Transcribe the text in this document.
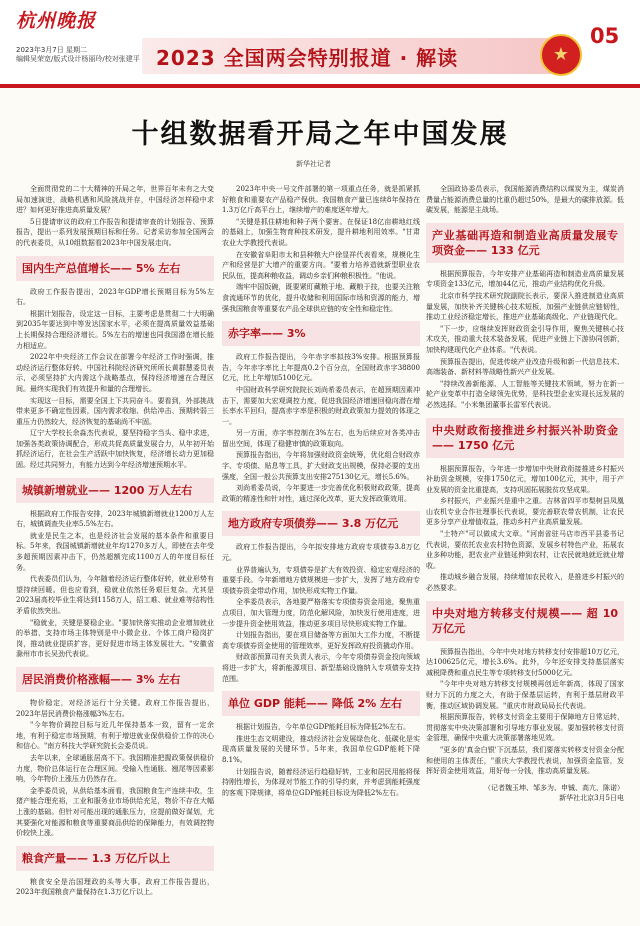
杭州晚报
2023年3月7日 星期二
编辑吴荣宽/版式设计杨丽玲/校对张建平 2023 全国两会特别报道 · 解读	★
05
十组数据看开局之年中国发展
新华社记者

全面贯彻党的二十大精神的开局之年，世界百年未有之大变局加速演进，战略机遇和风险挑战并存，中国经济怎样稳中求进？如何更好推进高质量发展？

5日提请审议的政府工作报告和提请审查的计划报告、预算报告，提出一系列发展预期目标和任务。记者采访参加全国两会的代表委员，从10组数据看2023年中国发展走向。

国内生产总值增长—— 5% 左右

政府工作报告提出，2023年GDP增长预期目标为5%左右。

根据计划报告，设定这一目标，主要考虑是贯彻二十大明确到2035年要达到中等发达国家水平，必须在提高质量效益基础上长期保持合理经济增长。5%左右的增速也同我国潜在增长能力相适应。

2022年中央经济工作会议在部署今年经济工作时强调，推动经济运行整体好转。中国社科院经济研究所所长黄群慧委员表示，必须坚持扩大内需这个战略基点，保持经济增速在合理区间。最终实现我们有效提升和量的合理增长。

实现这一目标，需要全国上下共同奋斗。要看到，外部挑战带来更多不确定性因素，国内需求收缩、供给冲击、预期转弱三重压力仍然较大，经济恢复的基础尚不牢固。

辽宁大学校长余淼杰代表说，要坚持稳字当头、稳中求进，加强各类政策协调配合，形成共促高质量发展合力，从年初开始抓经济运行，在社会生产活跃中加快恢复，经济增长动力更加稳固。经过共同努力，有能力达到今年经济增速预期水平。

城镇新增就业—— 1200 万人左右

根据政府工作报告安排，2023年城镇新增就业1200万人左右，城镇调查失业率5.5%左右。

就业是民生之本，也是经济社会发展的基本条件和重要目标。5年来，我国城镇新增就业年均1270多万人，即使在去年受多超预期因素冲击下，仍然超额完成1100万人的年度目标任务。

代表委员们认为，今年随着经济运行整体好转，就业形势有望持续回暖。但也应看到，稳就业依然任务艰巨复杂。尤其是2023届高校毕业生将达到1158万人，招工难、就业难等结构性矛盾依然突出。

"稳就业，关键是要稳企业。"要加快落实推动企业增加就业的举措，支持市场主体特别是中小微企业、个体工商户稳岗扩岗，推动就业提质扩容，更好促进市场主体发展壮大。"安徽省滁州市市长吴劲代表说。

居民消费价格涨幅—— 3% 左右

物价稳定，对经济运行十分关键。政府工作报告提出，2023年居民消费价格涨幅3%左右。

"今年物价调控目标与近几年保持基本一致，留有一定余地，有利于稳定市场预期，有利于增进就业保供稳价工作的决心和信心。"南方科技大学研究院长会委员说。

去年以来，全球通胀居高不下。我国精准把握政策保供稳价力度，物价总体运行在合理区间。受输入性通胀、翘尾等因素影响，今年物价上涨压力仍然存在。

金季委员说，从供给基本面看，我国粮食生产连续丰收，生猪产能合理充裕，工业和服务业市场供给充足，物价不存在大幅上涨的基础。但针对可能出现的通胀压力，应提前做好谋划，尤其要强化对能源和粮食等重要商品供给的保障能力，有效调控物价较快上涨。

粮食产量—— 1.3 万亿斤以上

粮食安全是治国理政的头等大事。政府工作报告提出，2023年我国粮食产量保持在1.3万亿斤以上。

2023年中央一号文件部署的第一项重点任务，就是抓紧抓好粮食和重要农产品稳产保供。我国粮食产量已连续8年保持在1.3万亿斤高平台上，继续增产的难度逐年增大。

"关键是抓住耕地和种子两个要害。在保证18亿亩耕地红线的基础上，加强生物育种技术研发，提升耕地利用效率。"甘肃农业大学教授代表说。

在安徽省阜阳市太和县种粮大户徐显祥代表看来，规模化生产和经营是扩大增产的重要方向。"要着力培养造就新型职业农民队伍，提高种粮收益，调动乡亲们种粮积极性。"他说。

端牢中国饭碗，既要紧盯藏粮于地、藏粮于技，也要关注粮食流通环节的优化，提升收储和利用国际市场和资源的能力，增强我国粮食等重要农产品全球供应链的安全性和稳定性。

赤字率—— 3%

政府工作报告提出，今年赤字率拟按3%安排。根据预算报告，今年赤字率比上年提高0.2个百分点，全国财政赤字38800亿元，比上年增加5100亿元。

中国财政科学研究院院长刘尚希委员表示，在超预期因素冲击下，需要加大宏观调控力度，促进我国经济增速回稳向潜在增长率水平回归，提高赤字率是积极的财政政策加力提效的体现之一。

另一方面，赤字率控制在3%左右，也为后续应对各类冲击留出空间，体现了稳健审慎的政策取向。

预算报告指出，今年将加强财政资金统筹，优化组合财政赤字、专项债、贴息等工具，扩大财政支出规模，保持必要的支出强度，全国一般公共预算支出安排275130亿元，增长5.6%。

刘尚希委员说，今年要进一步完善优化积极财政政策，提高政策的精准性和针对性，通过深化改革，更大发挥政策效用。

地方政府专项债券—— 3.8 万亿元

政府工作报告提出，今年拟安排地方政府专项债券3.8万亿元。

业界普遍认为，专项债券是扩大有效投资、稳定宏观经济的重要手段。今年新增地方债规模进一步扩大，发挥了地方政府专项债券资金带动作用，加快形成实物工作量。

全季委员表示，各地要严格落实专项债券资金用途，聚焦重点项目，加大管理力度，防范化解风险，加快发行使用进度，进一步提升资金使用效益，推动更多项目尽快形成实物工作量。

计划报告指出，要在项目储备等方面加大工作力度，不断提高专项债券资金使用的管理效率，更好发挥政府投资撬动作用。

财政部预算司有关负责人表示，今年专项债券资金投向领域将进一步扩大，将新能源项目、新型基础设施纳入专项债券支持范围。

单位 GDP 能耗—— 降低 2% 左右

根据计划报告，今年单位GDP能耗目标为降低2%左右。

推进生态文明建设，推动经济社会发展绿色化、低碳化是实现高质量发展的关键环节。5年来，我国单位GDP能耗下降8.1%。

计划报告说，随着经济运行趋稳好转，工业和居民用能将保持刚性增长，为体现对节能工作的引导约束，并考虑到能耗强度的客观下降规律，将单位GDP能耗目标设为降低2%左右。

全国政协委员表示，我国能源消费结构以煤炭为主，煤炭消费量占能源消费总量的比重仍超过50%，是最大的碳排放源。低碳发展，能源是主战场。

产业基础再造和制造业高质量发展专项资金—— 133 亿元

根据预算报告，今年安排产业基础再造和制造业高质量发展专项资金133亿元，增加44亿元，推动产业结构优化升级。

北京市科学技术研究院副院长表示，要深入推进制造业高质量发展，加快补齐关键核心技术短板，加强产业链供应链韧性，推动工业经济稳定增长，推进产业基础高级化、产业链现代化。

"下一步，应继续发挥财政资金引导作用，聚焦关键核心技术攻关，推动重大技术装备发展，促进产业链上下游协同创新，加快构建现代化产业体系。"代表说。

预算报告提出，促进传统产业改造升级和新一代信息技术、高端装备、新材料等战略性新兴产业发展。

"持续改善新能源、人工智能等关键技术领域，努力在新一轮产业变革中打造全球领先优势，是科技型企业实现长远发展的必然选择。"小米集团董事长雷军代表说。

中央财政衔接推进乡村振兴补助资金—— 1750 亿元

根据预算报告，今年进一步增加中央财政衔接推进乡村振兴补助资金规模，安排1750亿元，增加100亿元，其中，用于产业发展的资金比重提高，支持巩固拓展脱贫攻坚成果。

乡村振兴，产业振兴是重中之重。吉林省四平市梨树县凤凰山农机专业合作社理事长代表说，要完善联农带农机制，让农民更多分享产业增值收益，推动乡村产业高质量发展。

"土特产"可以做成大文章。"河南省驻马店市西平县委书记代表说，要依托农业农村特色资源，发展乡村特色产业，拓展农业多种功能，把农业产业链延伸到农村，让农民就地就近就业增收。

推动城乡融合发展，持续增加农民收入，是推进乡村振兴的必然要求。

中央对地方转移支付规模—— 超 10 万亿元

预算报告指出，今年中央对地方转移支付安排超10万亿元，达100625亿元，增长3.6%。此外，今年还安排支持基层落实减税降费和重点民生等专项转移支付5000亿元。

"今年中央对地方转移支付规模再创近年新高，体现了国家财力下沉的力度之大，有助于保基层运转，有利于基层财政平衡，推动区域协调发展。"重庆市财政局局长代表说。

根据预算报告，转移支付资金主要用于保障地方日常运转，贯彻落实中央决策部署和引导地方事业发展。要加强转移支付资金管理，确保中央重大决策部署落地见效。

"更多的'真金白银'下沉基层，我们要落实转移支付资金分配和使用的主体责任，"重庆大学教授代表说，加强资金监管，发挥好资金使用效益，用好每一分钱，推动高质量发展。

（记者魏玉坤、邹多为、申铖、高亢、陈诺）
新华社北京3月5日电
